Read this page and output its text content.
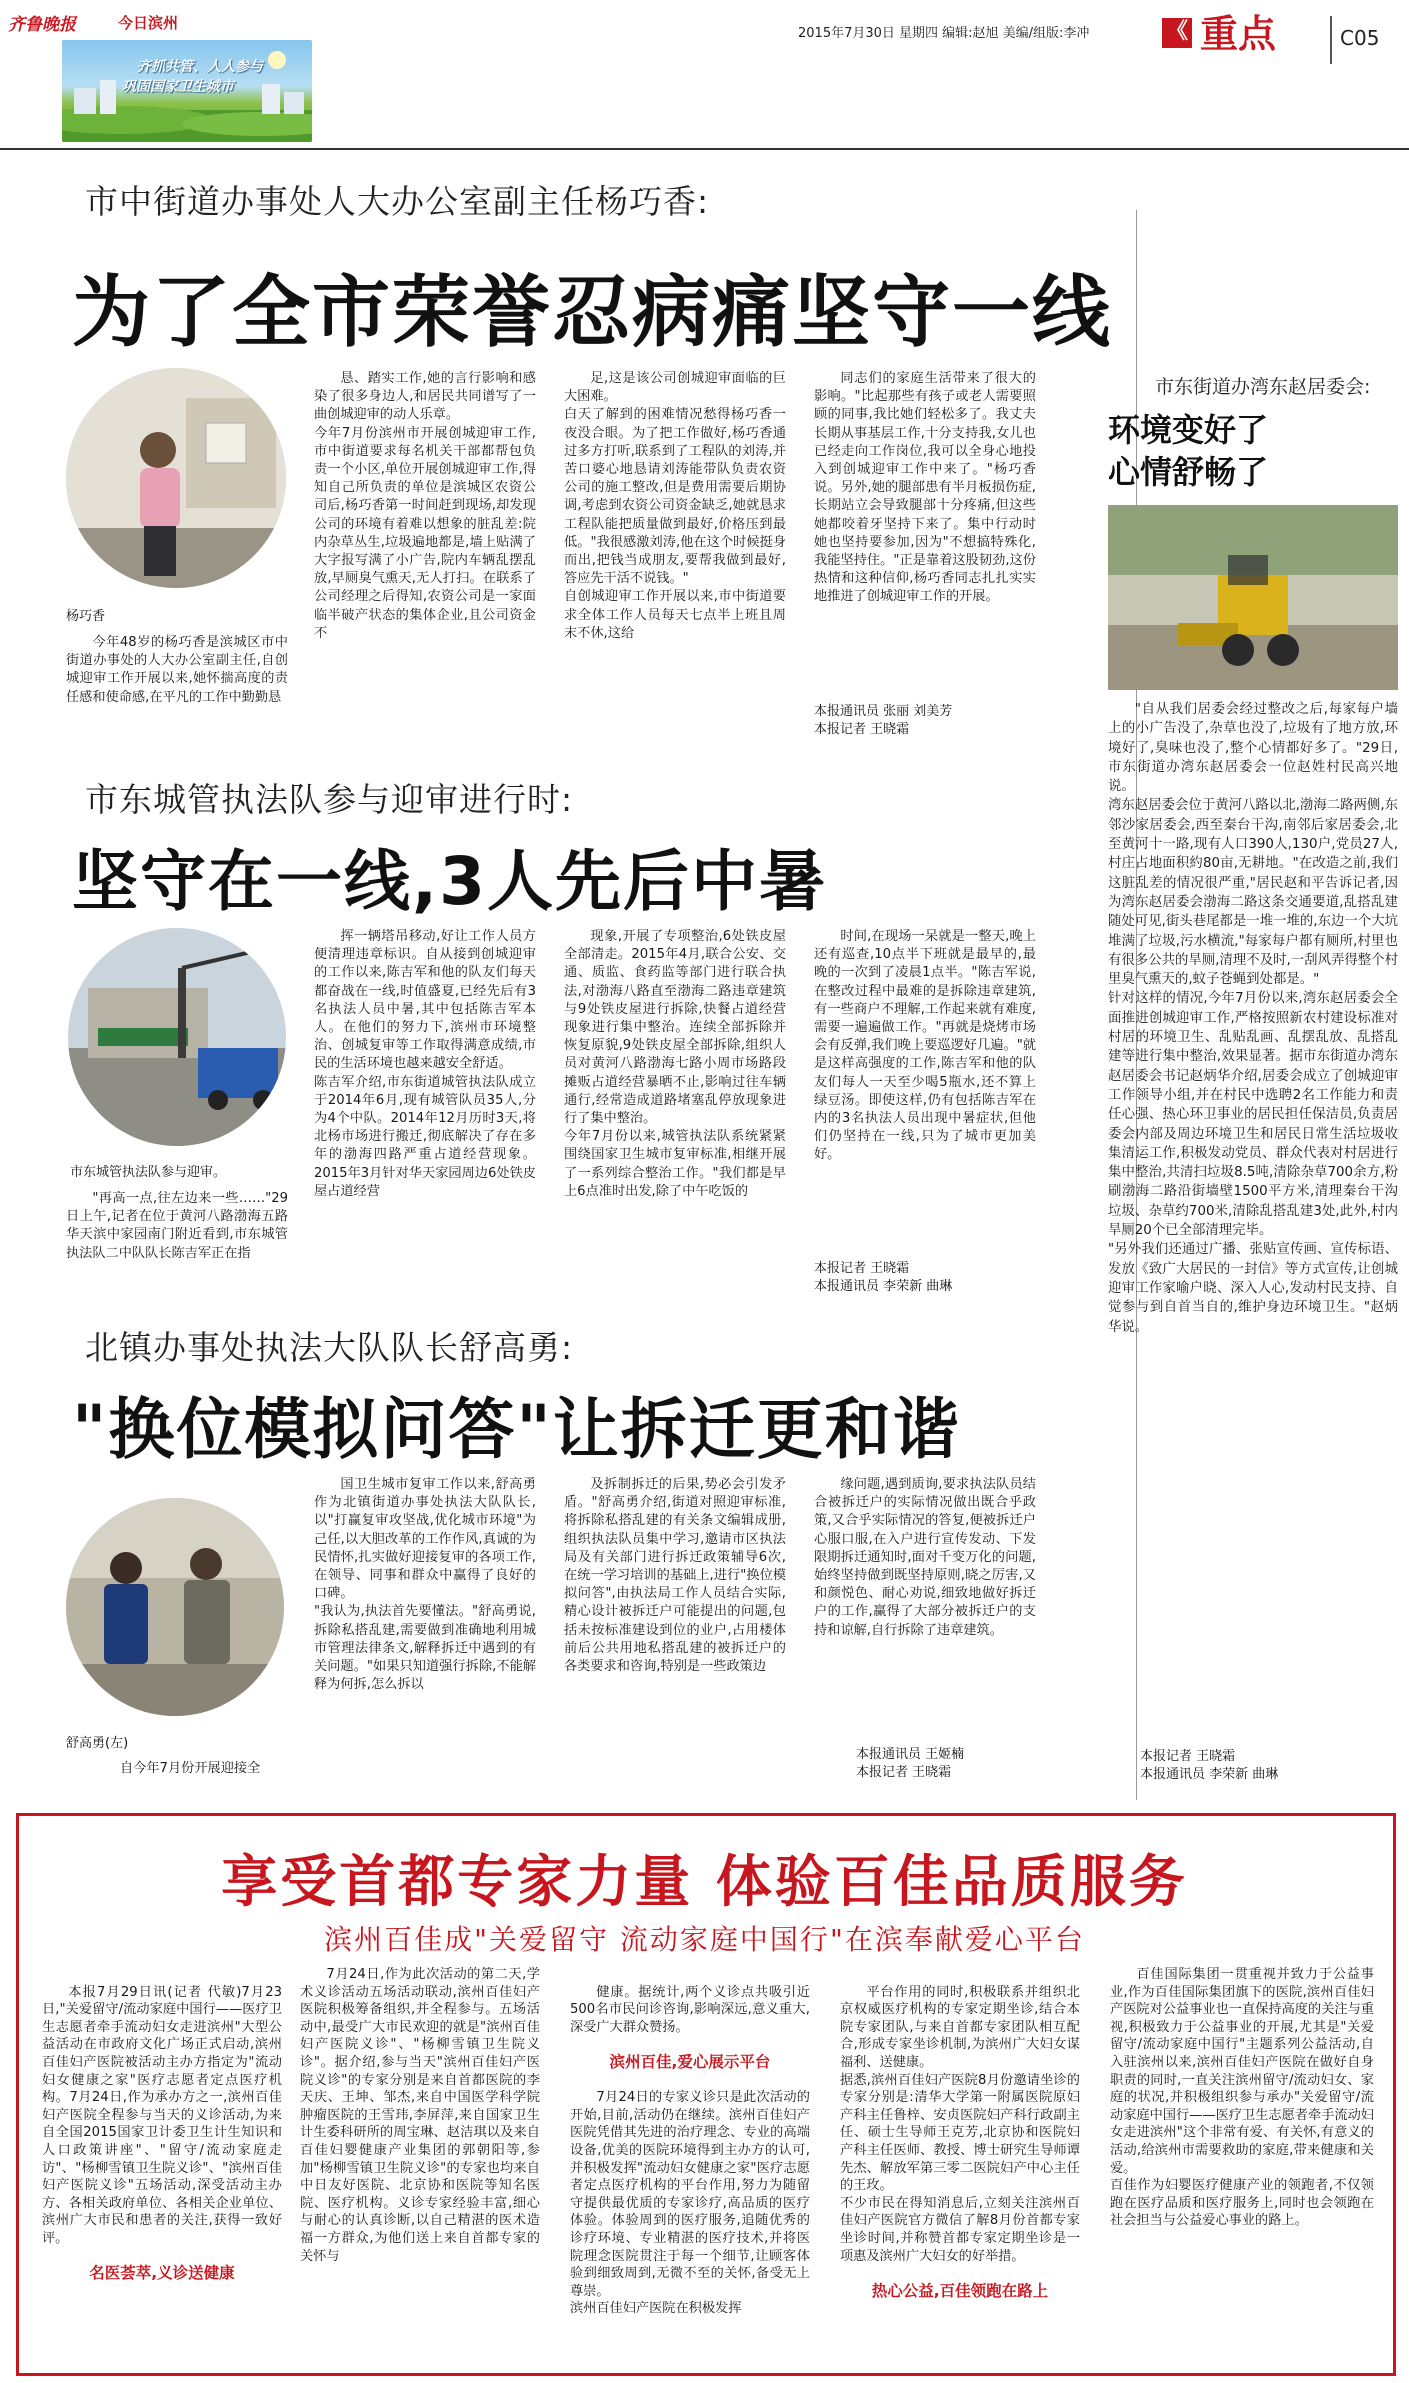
齐鲁晚报	今日滨州
齐抓共管、人人参与
巩固国家卫生城市
2015年7月30日 星期四 编辑:赵旭 美编/组版:李冲	《 重点	C05
市中街道办事处人大办公室副主任杨巧香:
为了全市荣誉忍病痛坚守一线
杨巧香

今年48岁的杨巧香是滨城区市中街道办事处的人大办公室副主任,自创城迎审工作开展以来,她怀揣高度的责任感和使命感,在平凡的工作中勤勤恳

恳、踏实工作,她的言行影响和感染了很多身边人,和居民共同谱写了一曲创城迎审的动人乐章。
今年7月份滨州市开展创城迎审工作,市中街道要求每名机关干部都帮包负责一个小区,单位开展创城迎审工作,得知自己所负责的单位是滨城区农资公司后,杨巧香第一时间赶到现场,却发现公司的环境有着难以想象的脏乱差:院内杂草丛生,垃圾遍地都是,墙上贴满了大字报写满了小广告,院内车辆乱摆乱放,早厕臭气熏天,无人打扫。在联系了公司经理之后得知,农资公司是一家面临半破产状态的集体企业,且公司资金不

足,这是该公司创城迎审面临的巨大困难。
白天了解到的困难情况愁得杨巧香一夜没合眼。为了把工作做好,杨巧香通过多方打听,联系到了工程队的刘涛,并苦口婆心地恳请刘涛能带队负责农资公司的施工整改,但是费用需要后期协调,考虑到农资公司资金缺乏,她就恳求工程队能把质量做到最好,价格压到最低。"我很感激刘涛,他在这个时候挺身而出,把钱当成朋友,要帮我做到最好,答应先干活不说钱。"
自创城迎审工作开展以来,市中街道要求全体工作人员每天七点半上班且周末不休,这给

同志们的家庭生活带来了很大的影响。"比起那些有孩子或老人需要照顾的同事,我比她们轻松多了。我丈夫长期从事基层工作,十分支持我,女儿也已经走向工作岗位,我可以全身心地投入到创城迎审工作中来了。"杨巧香说。另外,她的腿部患有半月板损伤症,长期站立会导致腿部十分疼痛,但这些她都咬着牙坚持下来了。集中行动时她也坚持要参加,因为"不想搞特殊化,我能坚持住。"正是靠着这股韧劲,这份热情和这种信仰,杨巧香同志扎扎实实地推进了创城迎审工作的开展。

本报通讯员 张丽 刘美芳
本报记者 王晓霜
市东城管执法队参与迎审进行时:
坚守在一线,3人先后中暑
市东城管执法队参与迎审。

"再高一点,往左边来一些……"29日上午,记者在位于黄河八路渤海五路华天滨中家园南门附近看到,市东城管执法队二中队队长陈吉军正在指

挥一辆塔吊移动,好让工作人员方便清理违章标识。自从接到创城迎审的工作以来,陈吉军和他的队友们每天都奋战在一线,时值盛夏,已经先后有3名执法人员中暑,其中包括陈吉军本人。在他们的努力下,滨州市环境整治、创城复审等工作取得满意成绩,市民的生活环境也越来越安全舒适。
陈吉军介绍,市东街道城管执法队成立于2014年6月,现有城管队员35人,分为4个中队。2014年12月历时3天,将北杨市场进行搬迁,彻底解决了存在多年的渤海四路严重占道经营现象。2015年3月针对华天家园周边6处铁皮屋占道经营

现象,开展了专项整治,6处铁皮屋全部清走。2015年4月,联合公安、交通、质监、食药监等部门进行联合执法,对渤海八路直至渤海二路违章建筑与9处铁皮屋进行拆除,快餐占道经营现象进行集中整治。连续全部拆除并恢复原貌,9处铁皮屋全部拆除,组织人员对黄河八路渤海七路小周市场路段摊贩占道经营暴晒不止,影响过往车辆通行,经常造成道路堵塞乱停放现象进行了集中整治。
今年7月份以来,城管执法队系统紧紧围绕国家卫生城市复审标准,相继开展了一系列综合整治工作。"我们都是早上6点准时出发,除了中午吃饭的

时间,在现场一呆就是一整天,晚上还有巡查,10点半下班就是最早的,最晚的一次到了凌晨1点半。"陈吉军说,在整改过程中最难的是拆除违章建筑,有一些商户不理解,工作起来就有难度,需要一遍遍做工作。"再就是烧烤市场会有反弹,我们晚上要巡逻好几遍。"就是这样高强度的工作,陈吉军和他的队友们每人一天至少喝5瓶水,还不算上绿豆汤。即使这样,仍有包括陈吉军在内的3名执法人员出现中暑症状,但他们仍坚持在一线,只为了城市更加美好。

本报记者 王晓霜
本报通讯员 李荣新 曲琳
北镇办事处执法大队队长舒高勇:
"换位模拟问答"让拆迁更和谐
舒高勇(左)

自今年7月份开展迎接全

国卫生城市复审工作以来,舒高勇作为北镇街道办事处执法大队队长,以"打赢复审攻坚战,优化城市环境"为己任,以大胆改革的工作作风,真诚的为民情怀,扎实做好迎接复审的各项工作,在领导、同事和群众中赢得了良好的口碑。
"我认为,执法首先要懂法。"舒高勇说,拆除私搭乱建,需要做到准确地利用城市管理法律条文,解释拆迁中遇到的有关问题。"如果只知道强行拆除,不能解释为何拆,怎么拆以

及拆制拆迁的后果,势必会引发矛盾。"舒高勇介绍,街道对照迎审标准,将拆除私搭乱建的有关条文编辑成册,组织执法队员集中学习,邀请市区执法局及有关部门进行拆迁政策辅导6次,在统一学习培训的基础上,进行"换位模拟问答",由执法局工作人员结合实际,精心设计被拆迁户可能提出的问题,包括未按标准建设到位的业户,占用楼体前后公共用地私搭乱建的被拆迁户的各类要求和咨询,特别是一些政策边

缘问题,遇到质询,要求执法队员结合被拆迁户的实际情况做出既合乎政策,又合乎实际情况的答复,便被拆迁户心服口服,在入户进行宣传发动、下发限期拆迁通知时,面对千变万化的问题,始终坚持做到既坚持原则,晓之厉害,又和颜悦色、耐心劝说,细致地做好拆迁户的工作,赢得了大部分被拆迁户的支持和谅解,自行拆除了违章建筑。

本报通讯员 王姬楠
本报记者 王晓霜
市东街道办湾东赵居委会:
环境变好了
心情舒畅了

"自从我们居委会经过整改之后,每家每户墙上的小广告没了,杂草也没了,垃圾有了地方放,环境好了,臭味也没了,整个心情都好多了。"29日,市东街道办湾东赵居委会一位赵姓村民高兴地说。
湾东赵居委会位于黄河八路以北,渤海二路两侧,东邻沙家居委会,西至秦台干沟,南邻后家居委会,北至黄河十一路,现有人口390人,130户,党员27人,村庄占地面积約80亩,无耕地。"在改造之前,我们这脏乱差的情况很严重,"居民赵和平告诉记者,因为湾东赵居委会渤海二路这条交通要道,乱搭乱建随处可见,街头巷尾都是一堆一堆的,东边一个大坑堆满了垃圾,污水横流,"每家每户都有厕所,村里也有很多公共的旱厕,清理不及时,一刮风弄得整个村里臭气熏天的,蚊子苍蝇到处都是。"
针对这样的情况,今年7月份以来,湾东赵居委会全面推进创城迎审工作,严格按照新农村建设标准对村居的环境卫生、乱贴乱画、乱摆乱放、乱搭乱建等进行集中整治,效果显著。据市东街道办湾东赵居委会书记赵炳华介绍,居委会成立了创城迎审工作领导小组,并在村民中选聘2名工作能力和责任心强、热心环卫事业的居民担任保洁员,负责居委会内部及周边环境卫生和居民日常生活垃圾收集清运工作,积极发动党员、群众代表对村居进行集中整治,共清扫垃圾8.5吨,清除杂草700余方,粉刷渤海二路沿街墙壁1500平方米,清理秦台干沟垃圾、杂草约700米,清除乱搭乱建3处,此外,村内旱厕20个已全部清理完毕。
"另外我们还通过广播、张贴宣传画、宣传标语、发放《致广大居民的一封信》等方式宣传,让创城迎审工作家喻户晓、深入人心,发动村民支持、自觉参与到自首当自的,维护身边环境卫生。"赵炳华说。

本报记者 王晓霜
本报通讯员 李荣新 曲琳
享受首都专家力量 体验百佳品质服务
滨州百佳成"关爱留守 流动家庭中国行"在滨奉献爱心平台

本报7月29日讯(记者 代敏)7月23日,"关爱留守/流动家庭中国行——医疗卫生志愿者牵手流动妇女走进滨州"大型公益活动在市政府文化广场正式启动,滨州百佳妇产医院被活动主办方指定为"流动妇女健康之家"医疗志愿者定点医疗机构。7月24日,作为承办方之一,滨州百佳妇产医院全程参与当天的义诊活动,为来自全国2015国家卫计委卫生计生知识和人口政策讲座"、"留守/流动家庭走访"、"杨柳雪镇卫生院义诊"、"滨州百佳妇产医院义诊"五场活动,深受活动主办方、各相关政府单位、各相关企业单位、滨州广大市民和患者的关注,获得一致好评。

名医荟萃,义诊送健康

7月24日,作为此次活动的第二天,学术义诊活动五场活动联动,滨州百佳妇产医院积极筹备组织,并全程参与。五场活动中,最受广大市民欢迎的就是"滨州百佳妇产医院义诊"、"杨柳雪镇卫生院义诊"。据介绍,参与当天"滨州百佳妇产医院义诊"的专家分别是来自首都医院的李天庆、王坤、邹杰,来自中国医学科学院肿瘤医院的王雪玮,李屏萍,来自国家卫生计生委科研所的周宝琳、赵洁琪以及来自百佳妇婴健康产业集团的郭朝阳等,参加"杨柳雪镇卫生院义诊"的专家也均来自中日友好医院、北京协和医院等知名医院、医疗机构。义诊专家经验丰富,细心与耐心的认真诊断,以自己精湛的医术造福一方群众,为他们送上来自首都专家的关怀与

健康。据统计,两个义诊点共吸引近500名市民问诊咨询,影响深远,意义重大,深受广大群众赞扬。

滨州百佳,爱心展示平台

7月24日的专家义诊只是此次活动的开始,目前,活动仍在继续。滨州百佳妇产医院凭借其先进的治疗理念、专业的高端设备,优美的医院环境得到主办方的认可,并积极发挥"流动妇女健康之家"医疗志愿者定点医疗机构的平台作用,努力为随留守提供最优质的专家诊疗,高品质的医疗体验。体验周到的医疗服务,追随优秀的诊疗环境、专业精湛的医疗技术,并将医院理念医院贯注于每一个细节,让顾客体验到细致周到,无微不至的关怀,备受无上尊崇。
滨州百佳妇产医院在积极发挥

平台作用的同时,积极联系并组织北京权威医疗机构的专家定期坐诊,结合本院专家团队,与来自首都专家团队相互配合,形成专家坐诊机制,为滨州广大妇女谋福利、送健康。
据悉,滨州百佳妇产医院8月份邀请坐诊的专家分别是:清华大学第一附属医院原妇产科主任鲁梓、安贞医院妇产科行政副主任、硕士生导师王克芳,北京协和医院妇产科主任医师、教授、博士研究生导师谭先杰、解放军第三零二医院妇产中心主任的王玫。
不少市民在得知消息后,立刻关注滨州百佳妇产医院官方微信了解8月份首都专家坐诊时间,并称赞首都专家定期坐诊是一项惠及滨州广大妇女的好举措。

热心公益,百佳领跑在路上

百佳国际集团一贯重视并致力于公益事业,作为百佳国际集团旗下的医院,滨州百佳妇产医院对公益事业也一直保持高度的关注与重视,积极致力于公益事业的开展,尤其是"关爱留守/流动家庭中国行"主题系列公益活动,自入驻滨州以来,滨州百佳妇产医院在做好自身职责的同时,一直关注滨州留守/流动妇女、家庭的状况,并积极组织参与承办"关爱留守/流动家庭中国行——医疗卫生志愿者牵手流动妇女走进滨州"这个非常有爱、有关怀,有意义的活动,给滨州市需要救助的家庭,带来健康和关爱。
百佳作为妇婴医疗健康产业的领跑者,不仅领跑在医疗品质和医疗服务上,同时也会领跑在社会担当与公益爱心事业的路上。
